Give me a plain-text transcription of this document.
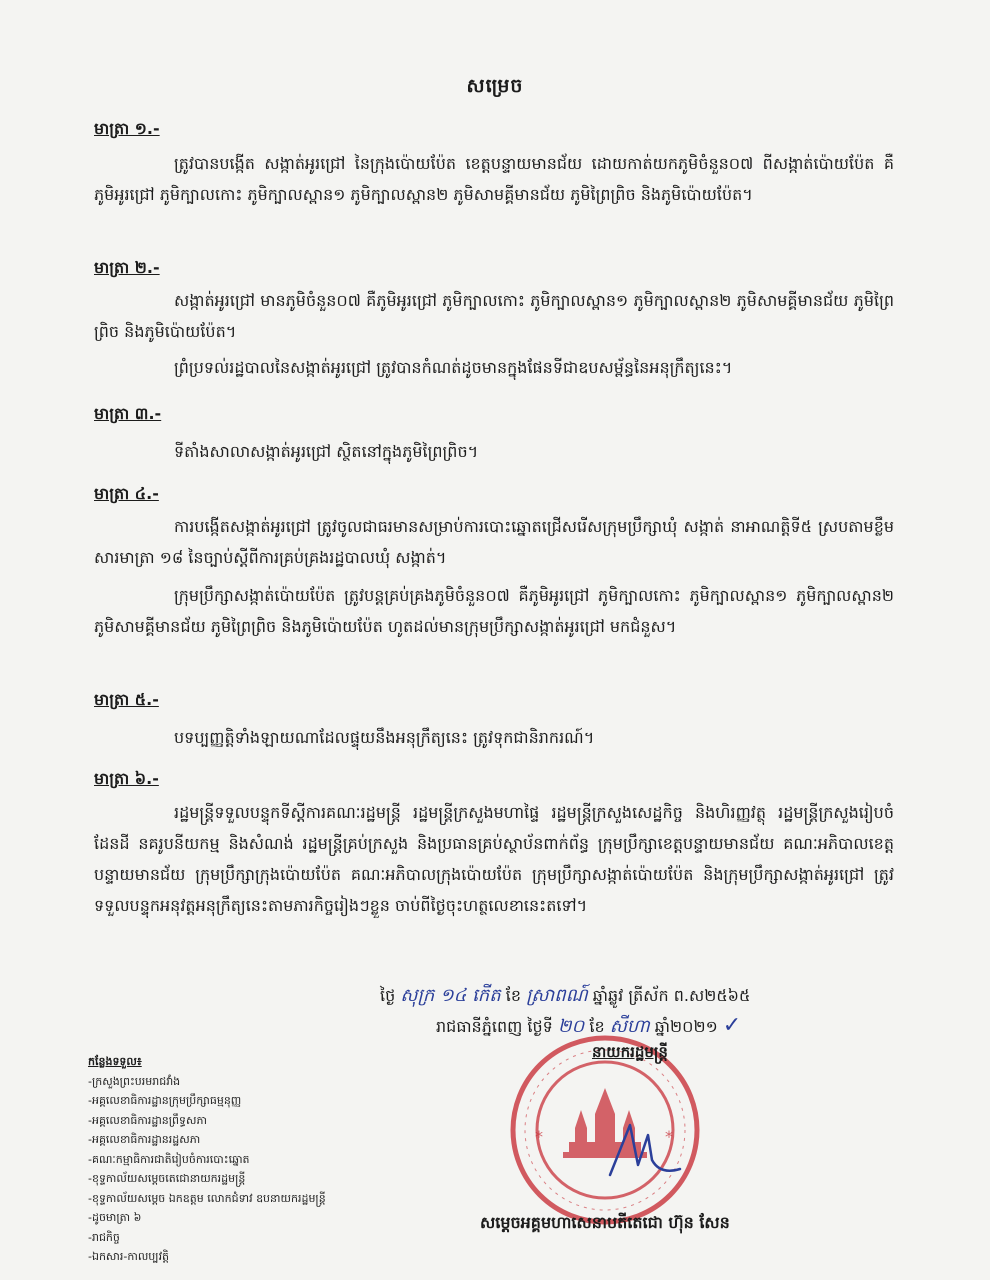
សម្រេច
មាត្រា ១.-

ត្រូវបានបង្កើត សង្កាត់អូរជ្រៅ នៃក្រុងប៉ោយប៉ែត ខេត្តបន្ទាយមានជ័យ ដោយកាត់យកភូមិចំនួន០៧ ពីសង្កាត់ប៉ោយប៉ែត គឺភូមិអូរជ្រៅ ភូមិក្បាលកោះ ភូមិក្បាលស្ពាន១ ភូមិក្បាលស្ពាន២ ភូមិសាមគ្គីមានជ័យ ភូមិព្រៃព្រិច និងភូមិប៉ោយប៉ែត។

មាត្រា ២.-

សង្កាត់អូរជ្រៅ មានភូមិចំនួន០៧ គឺភូមិអូរជ្រៅ ភូមិក្បាលកោះ ភូមិក្បាលស្ពាន១ ភូមិក្បាលស្ពាន២ ភូមិសាមគ្គីមានជ័យ ភូមិព្រៃព្រិច និងភូមិប៉ោយប៉ែត។

ព្រំប្រទល់រដ្ឋបាលនៃសង្កាត់អូរជ្រៅ ត្រូវបានកំណត់ដូចមានក្នុងផែនទីជាឧបសម្ព័ន្ធនៃអនុក្រឹត្យនេះ។

មាត្រា ៣.-

ទីតាំងសាលាសង្កាត់អូរជ្រៅ ស្ថិតនៅក្នុងភូមិព្រៃព្រិច។

មាត្រា ៤.-

ការបង្កើតសង្កាត់អូរជ្រៅ ត្រូវចូលជាធរមានសម្រាប់ការបោះឆ្នោតជ្រើសរើសក្រុមប្រឹក្សាឃុំ សង្កាត់ នាអាណត្តិទី៥ ស្របតាមខ្លឹមសារមាត្រា ១៨ នៃច្បាប់ស្តីពីការគ្រប់គ្រងរដ្ឋបាលឃុំ សង្កាត់។

ក្រុមប្រឹក្សាសង្កាត់ប៉ោយប៉ែត ត្រូវបន្តគ្រប់គ្រងភូមិចំនួន០៧ គឺភូមិអូរជ្រៅ ភូមិក្បាលកោះ ភូមិក្បាលស្ពាន១ ភូមិក្បាលស្ពាន២ ភូមិសាមគ្គីមានជ័យ ភូមិព្រៃព្រិច និងភូមិប៉ោយប៉ែត ហូតដល់មានក្រុមប្រឹក្សាសង្កាត់អូរជ្រៅ មកជំនួស។

មាត្រា ៥.-

បទប្បញ្ញត្តិទាំងឡាយណាដែលផ្ទុយនឹងអនុក្រឹត្យនេះ ត្រូវទុកជានិរាករណ៍។

មាត្រា ៦.-

រដ្ឋមន្ត្រីទទួលបន្ទុកទីស្តីការគណៈរដ្ឋមន្ត្រី រដ្ឋមន្ត្រីក្រសួងមហាផ្ទៃ រដ្ឋមន្ត្រីក្រសួងសេដ្ឋកិច្ច និងហិរញ្ញវត្ថុ រដ្ឋមន្ត្រីក្រសួងរៀបចំដែនដី នគរូបនីយកម្ម និងសំណង់ រដ្ឋមន្ត្រីគ្រប់ក្រសួង និងប្រធានគ្រប់ស្ថាប័នពាក់ព័ន្ធ ក្រុមប្រឹក្សាខេត្តបន្ទាយមានជ័យ គណៈអភិបាលខេត្តបន្ទាយមានជ័យ ក្រុមប្រឹក្សាក្រុងប៉ោយប៉ែត គណៈអភិបាលក្រុងប៉ោយប៉ែត ក្រុមប្រឹក្សាសង្កាត់ប៉ោយប៉ែត និងក្រុមប្រឹក្សាសង្កាត់អូរជ្រៅ ត្រូវទទួលបន្ទុកអនុវត្តអនុក្រឹត្យនេះតាមភារកិច្ចរៀងៗខ្លួន ចាប់ពីថ្ងៃចុះហត្ថលេខានេះតទៅ។

ថ្ងៃ សុក្រ ១៤ កើត ខែ ស្រាពណ៍ ឆ្នាំឆ្លូវ ត្រីស័ក ព.ស២៥៦៥
រាជធានីភ្នំពេញ ថ្ងៃទី ២០ ខែ សីហា ឆ្នាំ២០២១ ✓
*	*
នាយករដ្ឋមន្ត្រី
សម្តេចអគ្គមហាសេនាបតីតេជោ ហ៊ុន សែន
កន្លែងទទួល៖
-ក្រសួងព្រះបរមរាជវាំង
-អគ្គលេខាធិការដ្ឋានក្រុមប្រឹក្សាធម្មនុញ្ញ
-អគ្គលេខាធិការដ្ឋានព្រឹទ្ធសភា
-អគ្គលេខាធិការដ្ឋានរដ្ឋសភា
-គណៈកម្មាធិការជាតិរៀបចំការបោះឆ្នោត
-ខុទ្ទកាល័យសម្តេចតេជោនាយករដ្ឋមន្ត្រី
-ខុទ្ទកាល័យសម្តេច ឯកឧត្តម លោកជំទាវ ឧបនាយករដ្ឋមន្ត្រី
-ដូចមាត្រា ៦
-រាជកិច្ច
-ឯកសារ-កាលប្បវត្តិ
